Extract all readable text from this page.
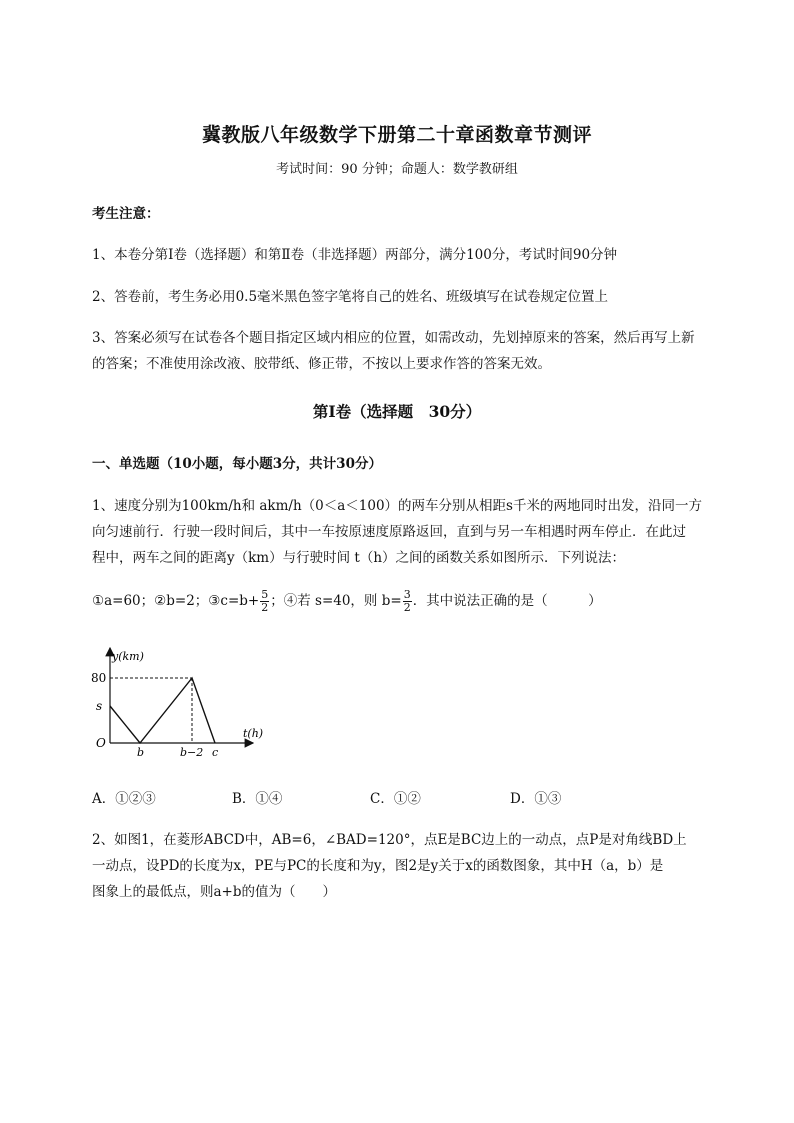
冀教版八年级数学下册第二十章函数章节测评
考试时间：90 分钟；命题人：数学教研组
考生注意：
1、本卷分第Ⅰ卷（选择题）和第Ⅱ卷（非选择题）两部分，满分100分，考试时间90分钟
2、答卷前，考生务必用0.5毫米黑色签字笔将自己的姓名、班级填写在试卷规定位置上
3、答案必须写在试卷各个题目指定区域内相应的位置，如需改动，先划掉原来的答案，然后再写上新
的答案；不准使用涂改液、胶带纸、修正带，不按以上要求作答的答案无效。
第Ⅰ卷（选择题　30分）
一、单选题（10小题，每小题3分，共计30分）
1、速度分别为100km/h和 akm/h（0＜a＜100）的两车分别从相距s千米的两地同时出发，沿同一方
向匀速前行．行驶一段时间后，其中一车按原速度原路返回，直到与另一车相遇时两车停止．在此过
程中，两车之间的距离y（km）与行驶时间 t（h）之间的函数关系如图所示．下列说法：
①a=60；②b=2；③c=b+ $\frac{5}{2}$ ；④若 s=40，则 $b= \frac{3}{2}$ ．其中说法正确的是（　　　）
y(km)
t(h)
80
s
O
b	b−2 c
A．①②③	B．①④	C．①②	D．①③
2、如图1，在菱形ABCD中，AB=6，∠BAD=120°，点E是BC边上的一动点，点P是对角线BD上
一动点，设PD的长度为x，PE与PC的长度和为y，图2是y关于x的函数图象，其中H（a，b）是
图象上的最低点，则a+b的值为（　　）
